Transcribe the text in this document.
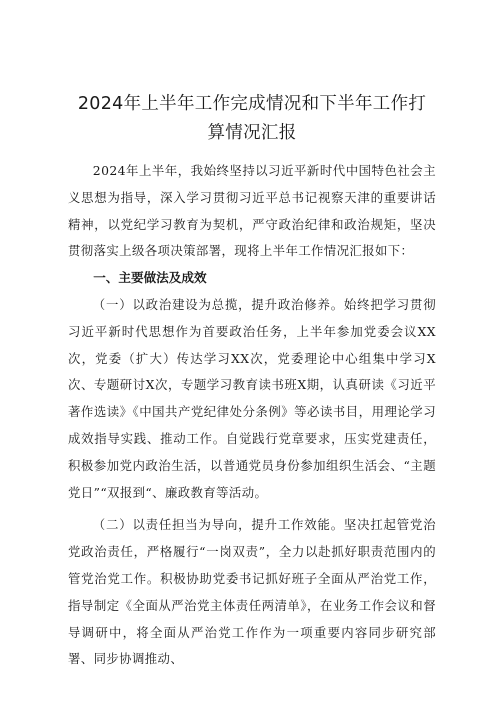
2024年上半年工作完成情况和下半年工作打
算情况汇报

2024年上半年，我始终坚持以习近平新时代中国特色社会主义思想为指导，深入学习贯彻习近平总书记视察天津的重要讲话精神，以党纪学习教育为契机，严守政治纪律和政治规矩，坚决贯彻落实上级各项决策部署，现将上半年工作情况汇报如下：

一、主要做法及成效

（一）以政治建设为总揽，提升政治修养。始终把学习贯彻习近平新时代思想作为首要政治任务，上半年参加党委会议XX次，党委（扩大）传达学习XX次，党委理论中心组集中学习X次、专题研讨X次，专题学习教育读书班X期，认真研读《习近平著作选读》《中国共产党纪律处分条例》等必读书目，用理论学习成效指导实践、推动工作。自觉践行党章要求，压实党建责任，积极参加党内政治生活，以普通党员身份参加组织生活会、“主题党日”“双报到“、廉政教育等活动。

（二）以责任担当为导向，提升工作效能。坚决扛起管党治党政治责任，严格履行“一岗双责”，全力以赴抓好职责范围内的管党治党工作。积极协助党委书记抓好班子全面从严治党工作，指导制定《全面从严治党主体责任两清单》，在业务工作会议和督导调研中，将全面从严治党工作作为一项重要内容同步研究部署、同步协调推动、
